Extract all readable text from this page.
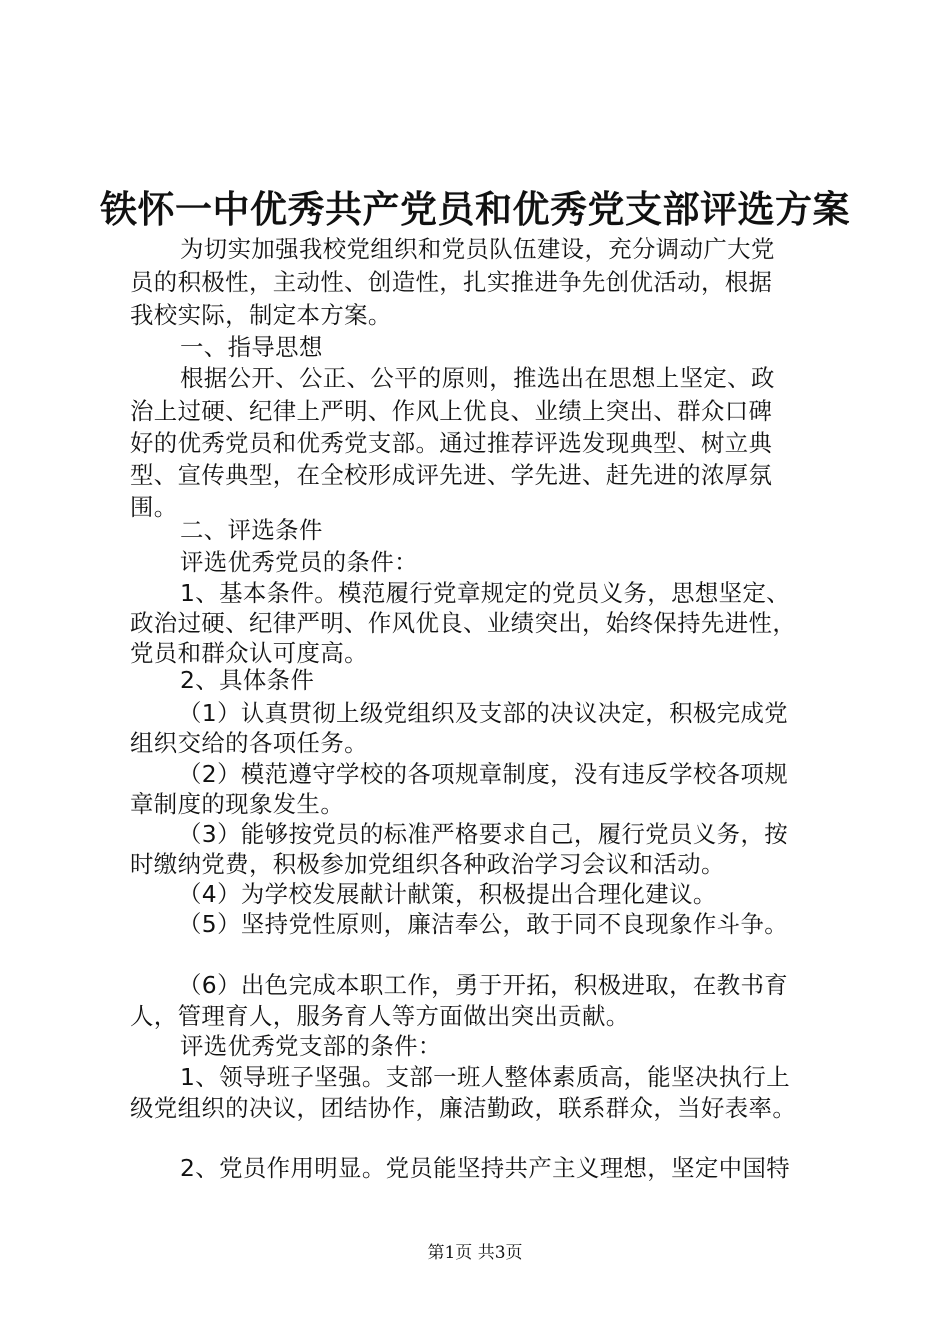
铁怀一中优秀共产党员和优秀党支部评选方案
为切实加强我校党组织和党员队伍建设，充分调动广大党
员的积极性，主动性、创造性，扎实推进争先创优活动，根据
我校实际，制定本方案。
一、指导思想
根据公开、公正、公平的原则，推选出在思想上坚定、政
治上过硬、纪律上严明、作风上优良、业绩上突出、群众口碑
好的优秀党员和优秀党支部。通过推荐评选发现典型、树立典
型、宣传典型，在全校形成评先进、学先进、赶先进的浓厚氛
围。
二、评选条件
评选优秀党员的条件：
1、基本条件。模范履行党章规定的党员义务，思想坚定、
政治过硬、纪律严明、作风优良、业绩突出，始终保持先进性，
党员和群众认可度高。
2、具体条件
（1）认真贯彻上级党组织及支部的决议决定，积极完成党
组织交给的各项任务。
（2）模范遵守学校的各项规章制度，没有违反学校各项规
章制度的现象发生。
（3）能够按党员的标准严格要求自己，履行党员义务，按
时缴纳党费，积极参加党组织各种政治学习会议和活动。
（4）为学校发展献计献策，积极提出合理化建议。
（5）坚持党性原则，廉洁奉公，敢于同不良现象作斗争。
（6）出色完成本职工作，勇于开拓，积极进取，在教书育
人，管理育人，服务育人等方面做出突出贡献。
评选优秀党支部的条件：
1、领导班子坚强。支部一班人整体素质高，能坚决执行上
级党组织的决议，团结协作，廉洁勤政，联系群众，当好表率。
2、党员作用明显。党员能坚持共产主义理想，坚定中国特
第1页 共3页
